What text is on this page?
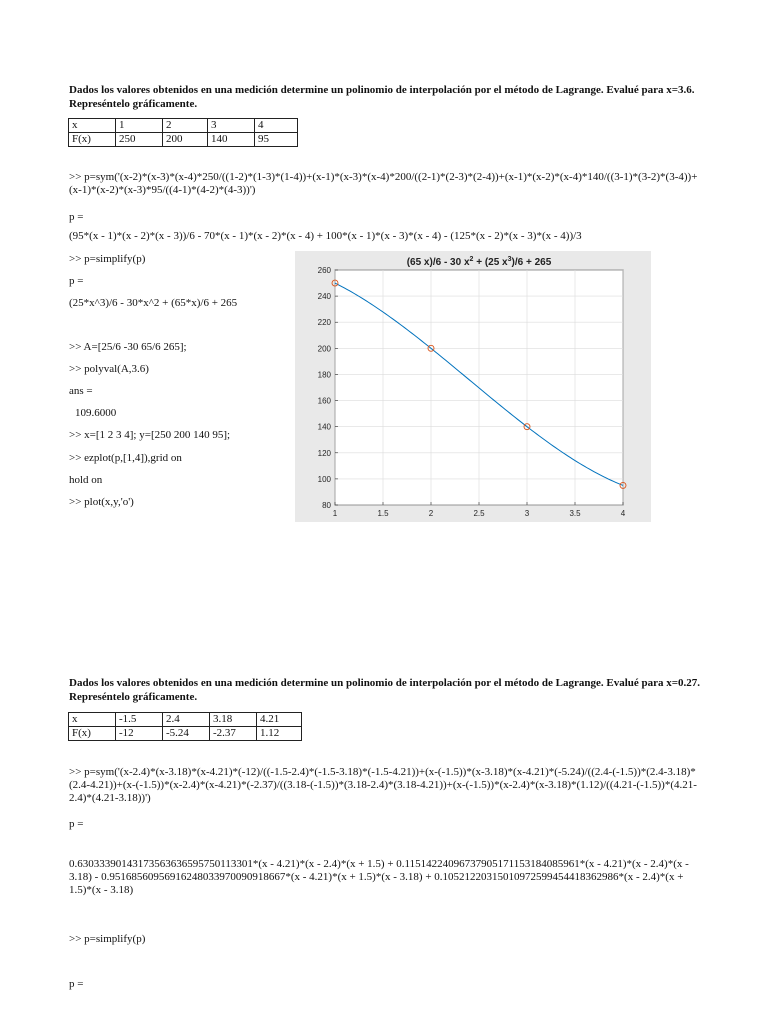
Dados los valores obtenidos en una medición determine un polinomio de interpolación por el método de Lagrange. Evalué para x=3.6. Represéntelo gráficamente.
x	1	2	3	4
F(x)	250	200	140	95
>> p=sym('(x-2)*(x-3)*(x-4)*250/((1-2)*(1-3)*(1-4))+(x-1)*(x-3)*(x-4)*200/((2-1)*(2-3)*(2-4))+(x-1)*(x-2)*(x-4)*140/((3-1)*(3-2)*(3-4))+(x-1)*(x-2)*(x-3)*95/((4-1)*(4-2)*(4-3))')
p =
(95*(x - 1)*(x - 2)*(x - 3))/6 - 70*(x - 1)*(x - 2)*(x - 4) + 100*(x - 1)*(x - 3)*(x - 4) - (125*(x - 2)*(x - 3)*(x - 4))/3
>> p=simplify(p)
p =
(25*x^3)/6 - 30*x^2 + (65*x)/6 + 265
>> A=[25/6 -30 65/6 265];
>> polyval(A,3.6)
ans =
109.6000
>> x=[1 2 3 4]; y=[250 200 140 95];
>> ezplot(p,[1,4]),grid on
hold on
>> plot(x,y,'o')
1	1.5	2	2.5	3	3.5	4
80
100
120
140
160
180
200
220
240
260
(65 x)/6 - 30 $x^2 + (25$ $x^3)/6 + 265$
Dados los valores obtenidos en una medición determine un polinomio de interpolación por el método de Lagrange. Evalué para x=0.27. Represéntelo gráficamente.
x	-1.5	2.4	3.18	4.21
F(x)	-12	-5.24	-2.37	1.12
>> p=sym('(x-2.4)*(x-3.18)*(x-4.21)*(-12)/((-1.5-2.4)*(-1.5-3.18)*(-1.5-4.21))+(x-(-1.5))*(x-3.18)*(x-4.21)*(-5.24)/((2.4-(-1.5))*(2.4-3.18)*(2.4-4.21))+(x-(-1.5))*(x-2.4)*(x-4.21)*(-2.37)/((3.18-(-1.5))*(3.18-2.4)*(3.18-4.21))+(x-(-1.5))*(x-2.4)*(x-3.18)*(1.12)/((4.21-(-1.5))*(4.21-2.4)*(4.21-3.18))')
p =
0.63033390143173563636595750113301*(x - 4.21)*(x - 2.4)*(x + 1.5) + 0.11514224096737905171153184085961*(x - 4.21)*(x - 2.4)*(x - 3.18) - 0.95168560956916248033970090918667*(x - 4.21)*(x + 1.5)*(x - 3.18) + 0.10521220315010972599454418362986*(x - 2.4)*(x + 1.5)*(x - 3.18)
>> p=simplify(p)
p =
